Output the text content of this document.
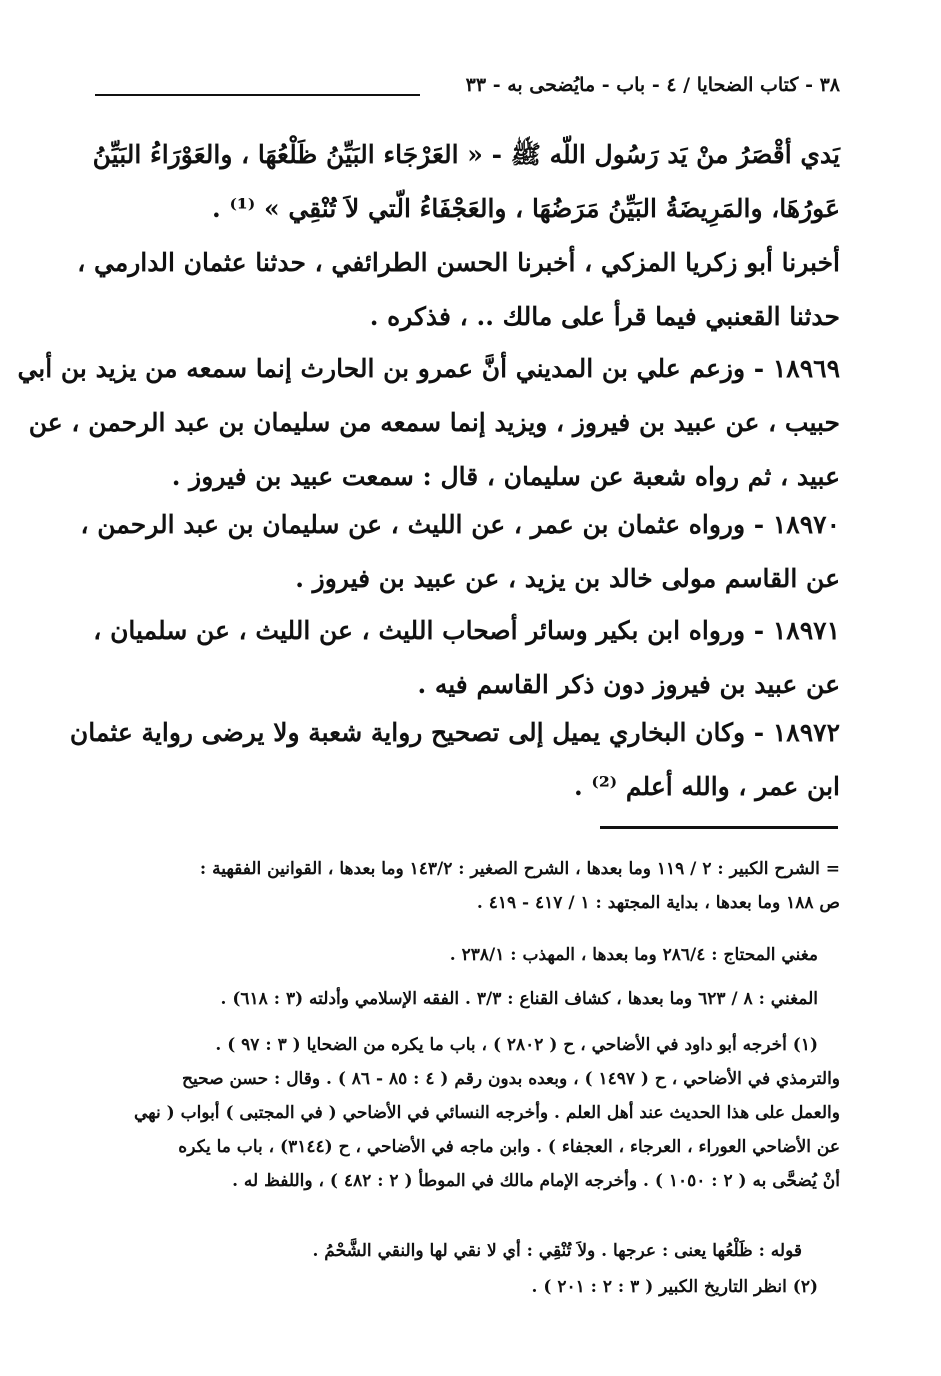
٣٨ - كتاب الضحايا / ٤ - باب - مايُضحى به - ٣٣
يَدي أقْصَرُ منْ يَد رَسُول اللّه ﷺ - « العَرْجَاء البَيِّنُ ظَلْعُهَا ، والعَوْرَاءُ البَيِّنُ
عَورُهَا، والمَرِيضَةُ البَيِّنُ مَرَضُهَا ، والعَجْفَاءُ الّتي لاَ تُنْقِي » ⁽¹⁾ .
أخبرنا أبو زكريا المزكي ، أخبرنا الحسن الطرائفي ، حدثنا عثمان الدارمي ،
حدثنا القعنبي فيما قرأ على مالك .. ، فذكره .
١٨٩٦٩ - وزعم علي بن المديني أنَّ عمرو بن الحارث إنما سمعه من يزيد بن أبي
حبيب ، عن عبيد بن فيروز ، ويزيد إنما سمعه من سليمان بن عبد الرحمن ، عن
عبيد ، ثم رواه شعبة عن سليمان ، قال : سمعت عبيد بن فيروز .
١٨٩٧٠ - ورواه عثمان بن عمر ، عن الليث ، عن سليمان بن عبد الرحمن ،
عن القاسم مولى خالد بن يزيد ، عن عبيد بن فيروز .
١٨٩٧١ - ورواه ابن بكير وسائر أصحاب الليث ، عن الليث ، عن سلميان ،
عن عبيد بن فيروز دون ذكر القاسم فيه .
١٨٩٧٢ - وكان البخاري يميل إلى تصحيح رواية شعبة ولا يرضى رواية عثمان
ابن عمر ، والله أعلم ⁽²⁾ .
= الشرح الكبير : ٢ / ١١٩ وما بعدها ، الشرح الصغير : ١٤٣/٢ وما بعدها ، القوانين الفقهية :
ص ١٨٨ وما بعدها ، بداية المجتهد : ١ / ٤١٧ - ٤١٩ .
مغني المحتاج : ٢٨٦/٤ وما بعدها ، المهذب : ٢٣٨/١ .
المغني : ٨ / ٦٢٣ وما بعدها ، كشاف القناع : ٣/٣ . الفقه الإسلامي وأدلته (٣ : ٦١٨) .
(١) أخرجه أبو داود في الأضاحي ، ح ( ٢٨٠٢ ) ، باب ما يكره من الضحايا ( ٣ : ٩٧ ) .
والترمذي في الأضاحي ، ح ( ١٤٩٧ ) ، وبعده بدون رقم ( ٤ : ٨٥ - ٨٦ ) . وقال : حسن صحيح
والعمل على هذا الحديث عند أهل العلم . وأخرجه النسائي في الأضاحي ( في المجتبى ) أبواب ( نهي
عن الأضاحي العوراء ، العرجاء ، العجفاء ) . وابن ماجه في الأضاحي ، ح (٣١٤٤) ، باب ما يكره
أنْ يُضحَّى به ( ٢ : ١٠٥٠ ) . وأخرجه الإمام مالك في الموطأ ( ٢ : ٤٨٢ ) ، واللفظ له .
قوله : ظَلْعُها يعنى : عرجها . ولاَ تُنْقِي : أي لا نقي لها والنقي الشَّحْمُ .
(٢) انظر التاريخ الكبير ( ٣ : ٢ : ٢٠١ ) .
